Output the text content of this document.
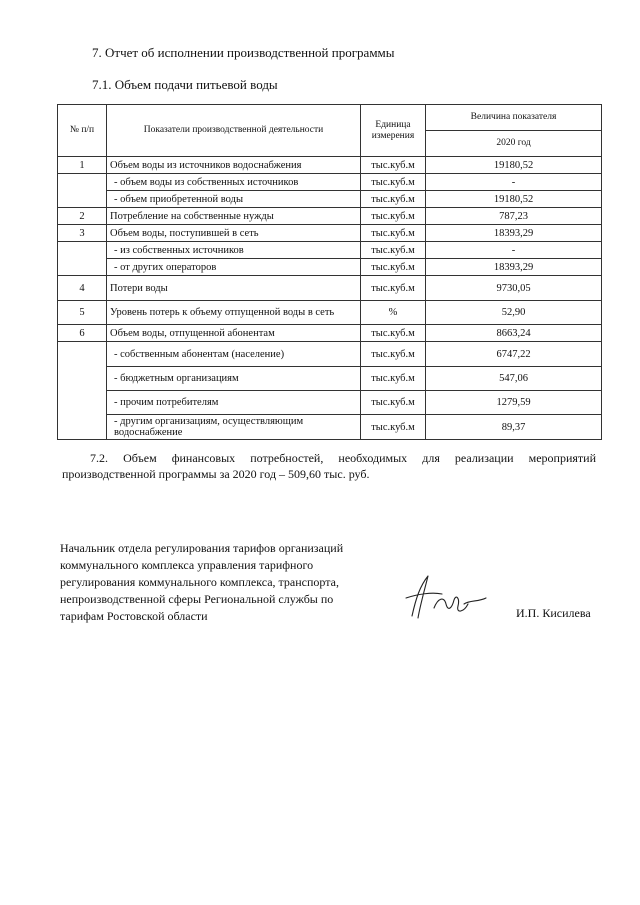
7. Отчет об исполнении производственной программы
7.1. Объем подачи питьевой воды
№ п/п	Показатели производственной деятельности	Единица измерения	Величина показателя
			2020 год
1	Объем воды из источников водоснабжения	тыс.куб.м	19180,52
	- объем воды из собственных источников	тыс.куб.м	-
	- объем приобретенной воды	тыс.куб.м	19180,52
2	Потребление на собственные нужды	тыс.куб.м	787,23
3	Объем воды, поступившей в сеть	тыс.куб.м	18393,29
	- из собственных источников	тыс.куб.м	-
	- от других операторов	тыс.куб.м	18393,29
4	Потери воды	тыс.куб.м	9730,05
5	Уровень потерь к объему отпущенной воды в сеть	%	52,90
6	Объем воды, отпущенной абонентам	тыс.куб.м	8663,24
	- собственным абонентам (население)	тыс.куб.м	6747,22
	- бюджетным организациям	тыс.куб.м	547,06
	- прочим потребителям	тыс.куб.м	1279,59
	- другим организациям, осуществляющим водоснабжение	тыс.куб.м	89,37
7.2. Объем финансовых потребностей, необходимых для реализации мероприятий производственной программы за 2020 год – 509,60 тыс. руб.
Начальник отдела регулирования тарифов организаций коммунального комплекса управления тарифного регулирования коммунального комплекса, транспорта, непроизводственной сферы Региональной службы по тарифам Ростовской области	И.П. Кисилева
